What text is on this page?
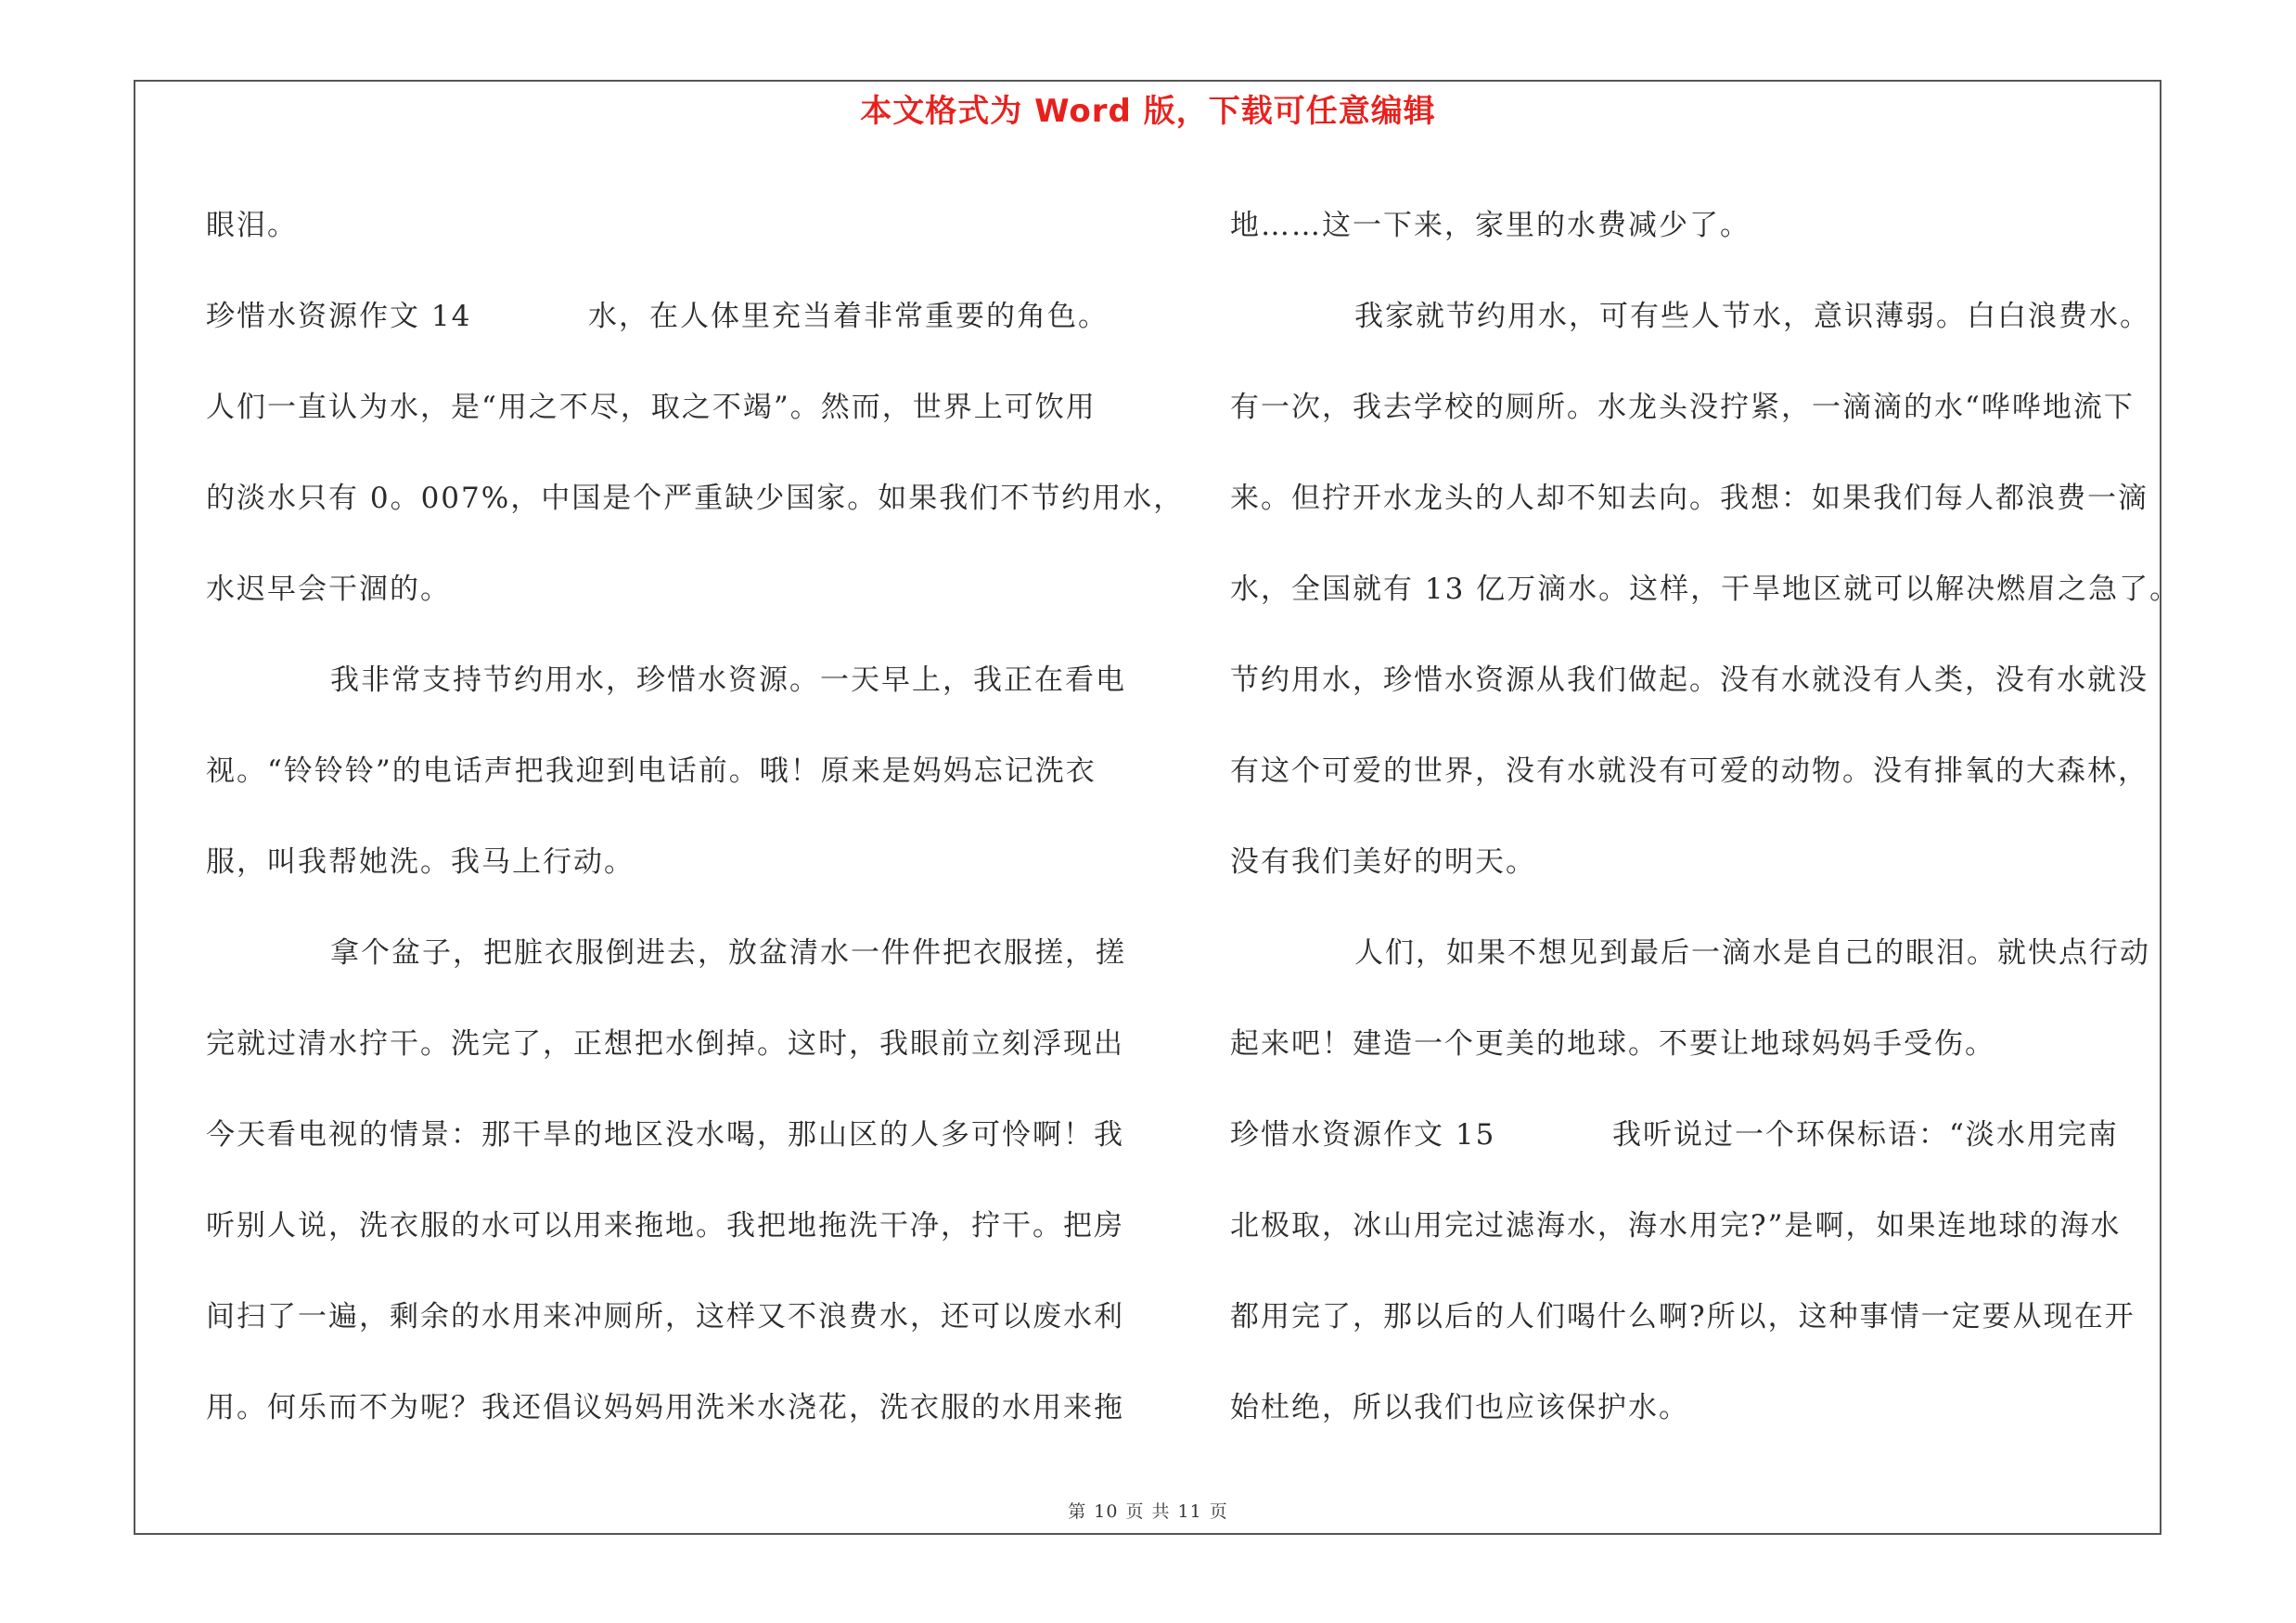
本文格式为 Word 版，下载可任意编辑
眼泪。
珍惜水资源作文 14	水，在人体里充当着非常重要的角色。
人们一直认为水，是“用之不尽，取之不竭”。然而，世界上可饮用
的淡水只有 0。007%，中国是个严重缺少国家。如果我们不节约用水，
水迟早会干涸的。
我非常支持节约用水，珍惜水资源。一天早上，我正在看电
视。“铃铃铃”的电话声把我迎到电话前。哦！原来是妈妈忘记洗衣
服，叫我帮她洗。我马上行动。
拿个盆子，把脏衣服倒进去，放盆清水一件件把衣服搓，搓
完就过清水拧干。洗完了，正想把水倒掉。这时，我眼前立刻浮现出
今天看电视的情景：那干旱的地区没水喝，那山区的人多可怜啊！我
听别人说，洗衣服的水可以用来拖地。我把地拖洗干净，拧干。把房
间扫了一遍，剩余的水用来冲厕所，这样又不浪费水，还可以废水利
用。何乐而不为呢？我还倡议妈妈用洗米水浇花，洗衣服的水用来拖
地……这一下来，家里的水费减少了。
我家就节约用水，可有些人节水，意识薄弱。白白浪费水。
有一次，我去学校的厕所。水龙头没拧紧，一滴滴的水“哗哗地流下
来。但拧开水龙头的人却不知去向。我想：如果我们每人都浪费一滴
水，全国就有 13 亿万滴水。这样，干旱地区就可以解决燃眉之急了。
节约用水，珍惜水资源从我们做起。没有水就没有人类，没有水就没
有这个可爱的世界，没有水就没有可爱的动物。没有排氧的大森林，
没有我们美好的明天。
人们，如果不想见到最后一滴水是自己的眼泪。就快点行动
起来吧！建造一个更美的地球。不要让地球妈妈手受伤。
珍惜水资源作文 15	我听说过一个环保标语：“淡水用完南
北极取，冰山用完过滤海水，海水用完?”是啊，如果连地球的海水
都用完了，那以后的人们喝什么啊?所以，这种事情一定要从现在开
始杜绝，所以我们也应该保护水。
第 10 页 共 11 页
